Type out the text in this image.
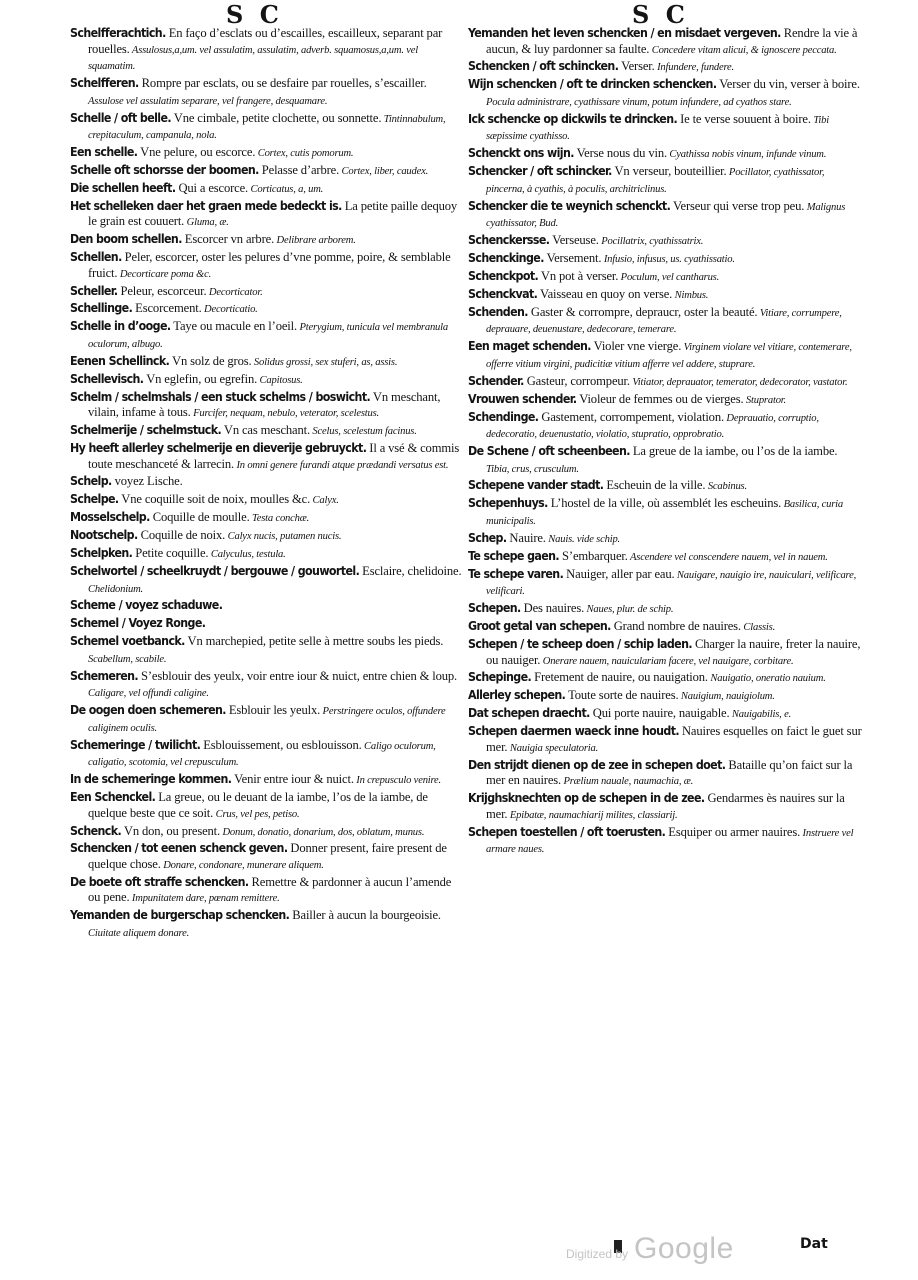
S C	S C

Schelfferachtich. En faço d’esclats ou d’escailles, escailleux, separant par rouelles. Assulosus,a,um. vel assulatim, assulatim, adverb. squamosus,a,um. vel squamatim.

Schelfferen. Rompre par esclats, ou se desfaire par rouelles, s’escailler. Assulose vel assulatim separare, vel frangere, desquamare.

Schelle / oft belle. Vne cimbale, petite clochette, ou sonnette. Tintinnabulum, crepitaculum, campanula, nola.

Een schelle. Vne pelure, ou escorce. Cortex, cutis pomorum.

Schelle oft schorsse der boomen. Pelasse d’arbre. Cortex, liber, caudex.

Die schellen heeft. Qui a escorce. Corticatus, a, um.

Het schelleken daer het graen mede bedeckt is. La petite paille dequoy le grain est couuert. Gluma, æ.

Den boom schellen. Escorcer vn arbre. Delibrare arborem.

Schellen. Peler, escorcer, oster les pelures d’vne pomme, poire, & semblable fruict. Decorticare poma &c.

Scheller. Peleur, escorceur. Decorticator.

Schellinge. Escorcement. Decorticatio.

Schelle in d’ooge. Taye ou macule en l’oeil. Pterygium, tunicula vel membranula oculorum, albugo.

Eenen Schellinck. Vn solz de gros. Solidus grossi, sex stuferi, as, assis.

Schellevisch. Vn eglefin, ou egrefin. Capitosus.

Schelm / schelmshals / een stuck schelms / boswicht. Vn meschant, vilain, infame à tous. Furcifer, nequam, nebulo, veterator, scelestus.

Schelmerije / schelmstuck. Vn cas meschant. Scelus, scelestum facinus.

Hy heeft allerley schelmerije en dieverije gebruyckt. Il a vsé & commis toute meschanceté & larrecin. In omni genere furandi atque prædandi versatus est.

Schelp. voyez Lische.

Schelpe. Vne coquille soit de noix, moulles &c. Calyx.

Mosselschelp. Coquille de moulle. Testa conchæ.

Nootschelp. Coquille de noix. Calyx nucis, putamen nucis.

Schelpken. Petite coquille. Calyculus, testula.

Schelwortel / scheelkruydt / bergouwe / gouwortel. Esclaire, chelidoine. Chelidonium.

Scheme / voyez schaduwe.

Schemel / Voyez Ronge.

Schemel voetbanck. Vn marchepied, petite selle à mettre soubs les pieds. Scabellum, scabile.

Schemeren. S’esblouir des yeulx, voir entre iour & nuict, entre chien & loup. Caligare, vel offundi caligine.

De oogen doen schemeren. Esblouir les yeulx. Perstringere oculos, offundere caliginem oculis.

Schemeringe / twilicht. Esblouissement, ou esblouisson. Caligo oculorum, caligatio, scotomia, vel crepusculum.

In de schemeringe kommen. Venir entre iour & nuict. In crepusculo venire.

Een Schenckel. La greue, ou le deuant de la iambe, l’os de la iambe, de quelque beste que ce soit. Crus, vel pes, petiso.

Schenck. Vn don, ou present. Donum, donatio, donarium, dos, oblatum, munus.

Schencken / tot eenen schenck geven. Donner present, faire present de quelque chose. Donare, condonare, munerare aliquem.

De boete oft straffe schencken. Remettre & pardonner à aucun l’amende ou pene. Impunitatem dare, pœnam remittere.

Yemanden de burgerschap schencken. Bailler à aucun la bourgeoisie. Ciuitate aliquem donare.

Yemanden het leven schencken / en misdaet vergeven. Rendre la vie à aucun, & luy pardonner sa faulte. Concedere vitam alicui, & ignoscere peccata.

Schencken / oft schincken. Verser. Infundere, fundere.

Wijn schencken / oft te drincken schencken. Verser du vin, verser à boire. Pocula administrare, cyathissare vinum, potum infundere, ad cyathos stare.

Ick schencke op dickwils te drincken. Ie te verse souuent à boire. Tibi sæpissime cyathisso.

Schenckt ons wijn. Verse nous du vin. Cyathissa nobis vinum, infunde vinum.

Schencker / oft schincker. Vn verseur, bouteillier. Pocillator, cyathissator, pincerna, à cyathis, à poculis, architriclinus.

Schencker die te weynich schenckt. Verseur qui verse trop peu. Malignus cyathissator, Bud.

Schenckersse. Verseuse. Pocillatrix, cyathissatrix.

Schenckinge. Versement. Infusio, infusus, us. cyathissatio.

Schenckpot. Vn pot à verser. Poculum, vel cantharus.

Schenckvat. Vaisseau en quoy on verse. Nimbus.

Schenden. Gaster & corrompre, depraucr, oster la beauté. Vitiare, corrumpere, deprauare, deuenustare, dedecorare, temerare.

Een maget schenden. Violer vne vierge. Virginem violare vel vitiare, contemerare, offerre vitium virgini, pudicitiæ vitium afferre vel addere, stuprare.

Schender. Gasteur, corrompeur. Vitiator, deprauator, temerator, dedecorator, vastator.

Vrouwen schender. Violeur de femmes ou de vierges. Stuprator.

Schendinge. Gastement, corrompement, violation. Deprauatio, corruptio, dedecoratio, deuenustatio, violatio, stupratio, opprobratio.

De Schene / oft scheenbeen. La greue de la iambe, ou l’os de la iambe. Tibia, crus, crusculum.

Schepene vander stadt. Escheuin de la ville. Scabinus.

Schepenhuys. L’hostel de la ville, où assemblét les escheuins. Basilica, curia municipalis.

Schep. Nauire. Nauis. vide schip.

Te schepe gaen. S’embarquer. Ascendere vel conscendere nauem, vel in nauem.

Te schepe varen. Nauiger, aller par eau. Nauigare, nauigio ire, nauiculari, velificare, velificari.

Schepen. Des nauires. Naues, plur. de schip.

Groot getal van schepen. Grand nombre de nauires. Classis.

Schepen / te scheep doen / schip laden. Charger la nauire, freter la nauire, ou nauiger. Onerare nauem, nauiculariam facere, vel nauigare, corbitare.

Schepinge. Fretement de nauire, ou nauigation. Nauigatio, oneratio nauium.

Allerley schepen. Toute sorte de nauires. Nauigium, nauigiolum.

Dat schepen draecht. Qui porte nauire, nauigable. Nauigabilis, e.

Schepen daermen waeck inne houdt. Nauires esquelles on faict le guet sur mer. Nauigia speculatoria.

Den strijdt dienen op de zee in schepen doet. Bataille qu’on faict sur la mer en nauires. Prælium nauale, naumachia, æ.

Krijghsknechten op de schepen in de zee. Gendarmes ès nauires sur la mer. Epibatæ, naumachiarij milites, classiarij.

Schepen toestellen / oft toerusten. Esquiper ou armer nauires. Instruere vel armare naues.

Digitized by Google	Dat
